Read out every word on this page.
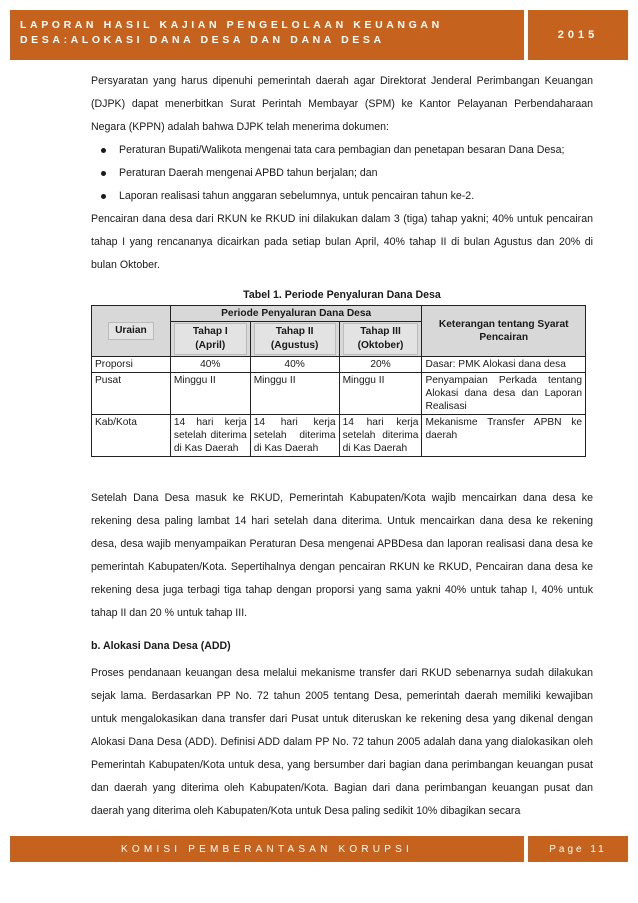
LAPORAN HASIL KAJIAN PENGELOLAAN KEUANGAN
DESA:ALOKASI DANA DESA DAN DANA DESA	2015

Persyaratan yang harus dipenuhi pemerintah daerah agar Direktorat Jenderal Perimbangan Keuangan (DJPK) dapat menerbitkan Surat Perintah Membayar (SPM) ke Kantor Pelayanan Perbendaharaan Negara (KPPN) adalah bahwa DJPK telah menerima dokumen:

Peraturan Bupati/Walikota mengenai tata cara pembagian dan penetapan besaran Dana Desa;
Peraturan Daerah mengenai APBD tahun berjalan; dan
Laporan realisasi tahun anggaran sebelumnya, untuk pencairan tahun ke-2.

Pencairan dana desa dari RKUN ke RKUD ini dilakukan dalam 3 (tiga) tahap yakni; 40% untuk pencairan tahap I yang rencananya dicairkan pada setiap bulan April, 40% tahap II di bulan Agustus dan 20% di bulan Oktober.

Tabel 1. Periode Penyaluran Dana Desa
Uraian	Periode Penyaluran Dana Desa			Keterangan tentang Syarat Pencairan
	Tahap I (April)	Tahap II (Agustus)	Tahap III (Oktober)	
Proporsi	40%	40%	20%	Dasar: PMK Alokasi dana desa
Pusat	Minggu II	Minggu II	Minggu II	Penyampaian Perkada tentang Alokasi dana desa dan Laporan Realisasi
Kab/Kota	14 hari kerja setelah diterima di Kas Daerah	14 hari kerja setelah diterima di Kas Daerah	14 hari kerja setelah diterima di Kas Daerah	Mekanisme Transfer APBN ke daerah

Setelah Dana Desa masuk ke RKUD, Pemerintah Kabupaten/Kota wajib mencairkan dana desa ke rekening desa paling lambat 14 hari setelah dana diterima. Untuk mencairkan dana desa ke rekening desa, desa wajib menyampaikan Peraturan Desa mengenai APBDesa dan laporan realisasi dana desa ke pemerintah Kabupaten/Kota. Sepertihalnya dengan pencairan RKUN ke RKUD, Pencairan dana desa ke rekening desa juga terbagi tiga tahap dengan proporsi yang sama yakni 40% untuk tahap I, 40% untuk tahap II dan 20 % untuk tahap III.

b. Alokasi Dana Desa (ADD)

Proses pendanaan keuangan desa melalui mekanisme transfer dari RKUD sebenarnya sudah dilakukan sejak lama. Berdasarkan PP No. 72 tahun 2005 tentang Desa, pemerintah daerah memiliki kewajiban untuk mengalokasikan dana transfer dari Pusat untuk diteruskan ke rekening desa yang dikenal dengan Alokasi Dana Desa (ADD). Definisi ADD dalam PP No. 72 tahun 2005 adalah dana yang dialokasikan oleh Pemerintah Kabupaten/Kota untuk desa, yang bersumber dari bagian dana perimbangan keuangan pusat dan daerah yang diterima oleh Kabupaten/Kota. Bagian dari dana perimbangan keuangan pusat dan daerah yang diterima oleh Kabupaten/Kota untuk Desa paling sedikit 10% dibagikan secara

KOMISI PEMBERANTASAN KORUPSI	Page 11
